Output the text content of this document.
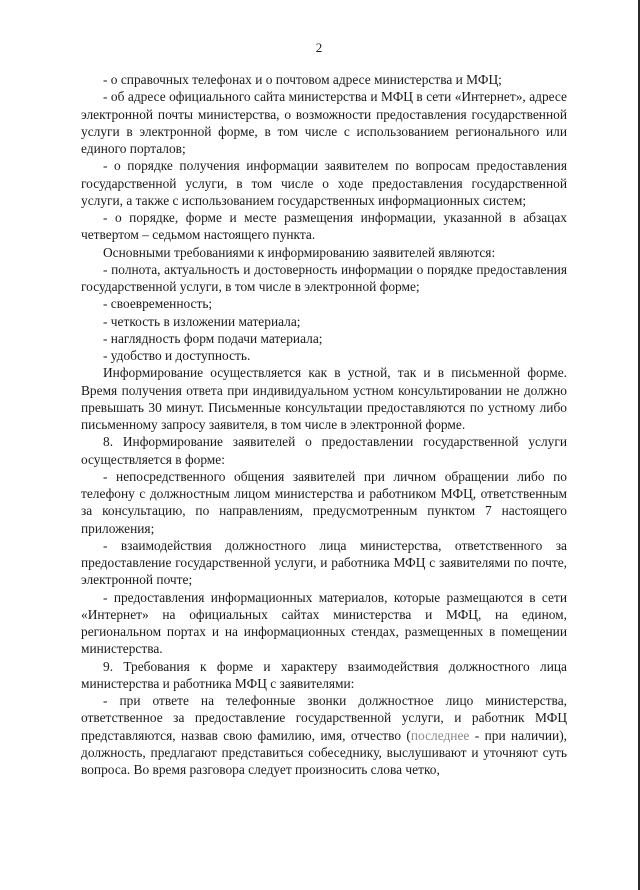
2

- о справочных телефонах и о почтовом адресе министерства и МФЦ;

- об адресе официального сайта министерства и МФЦ в сети «Интернет», адресе электронной почты министерства, о возможности предоставления государственной услуги в электронной форме, в том числе с использованием регионального или единого порталов;

- о порядке получения информации заявителем по вопросам предоставления государственной услуги, в том числе о ходе предоставления государственной услуги, а также с использованием государственных информационных систем;

- о порядке, форме и месте размещения информации, указанной в абзацах четвертом – седьмом настоящего пункта.

Основными требованиями к информированию заявителей являются:

- полнота, актуальность и достоверность информации о порядке предоставления государственной услуги, в том числе в электронной форме;

- своевременность;

- четкость в изложении материала;

- наглядность форм подачи материала;

- удобство и доступность.

Информирование осуществляется как в устной, так и в письменной форме. Время получения ответа при индивидуальном устном консультировании не должно превышать 30 минут. Письменные консультации предоставляются по устному либо письменному запросу заявителя, в том числе в электронной форме.

8. Информирование заявителей о предоставлении государственной услуги осуществляется в форме:

- непосредственного общения заявителей при личном обращении либо по телефону с должностным лицом министерства и работником МФЦ, ответственным за консультацию, по направлениям, предусмотренным пунктом 7 настоящего приложения;

- взаимодействия должностного лица министерства, ответственного за предоставление государственной услуги, и работника МФЦ с заявителями по почте, электронной почте;

- предоставления информационных материалов, которые размещаются в сети «Интернет» на официальных сайтах министерства и МФЦ, на едином, региональном портах и на информационных стендах, размещенных в помещении министерства.

9. Требования к форме и характеру взаимодействия должностного лица министерства и работника МФЦ с заявителями:

- при ответе на телефонные звонки должностное лицо министерства, ответственное за предоставление государственной услуги, и работник МФЦ представляются, назвав свою фамилию, имя, отчество (последнее - при наличии), должность, предлагают представиться собеседнику, выслушивают и уточняют суть вопроса. Во время разговора следует произносить слова четко,
